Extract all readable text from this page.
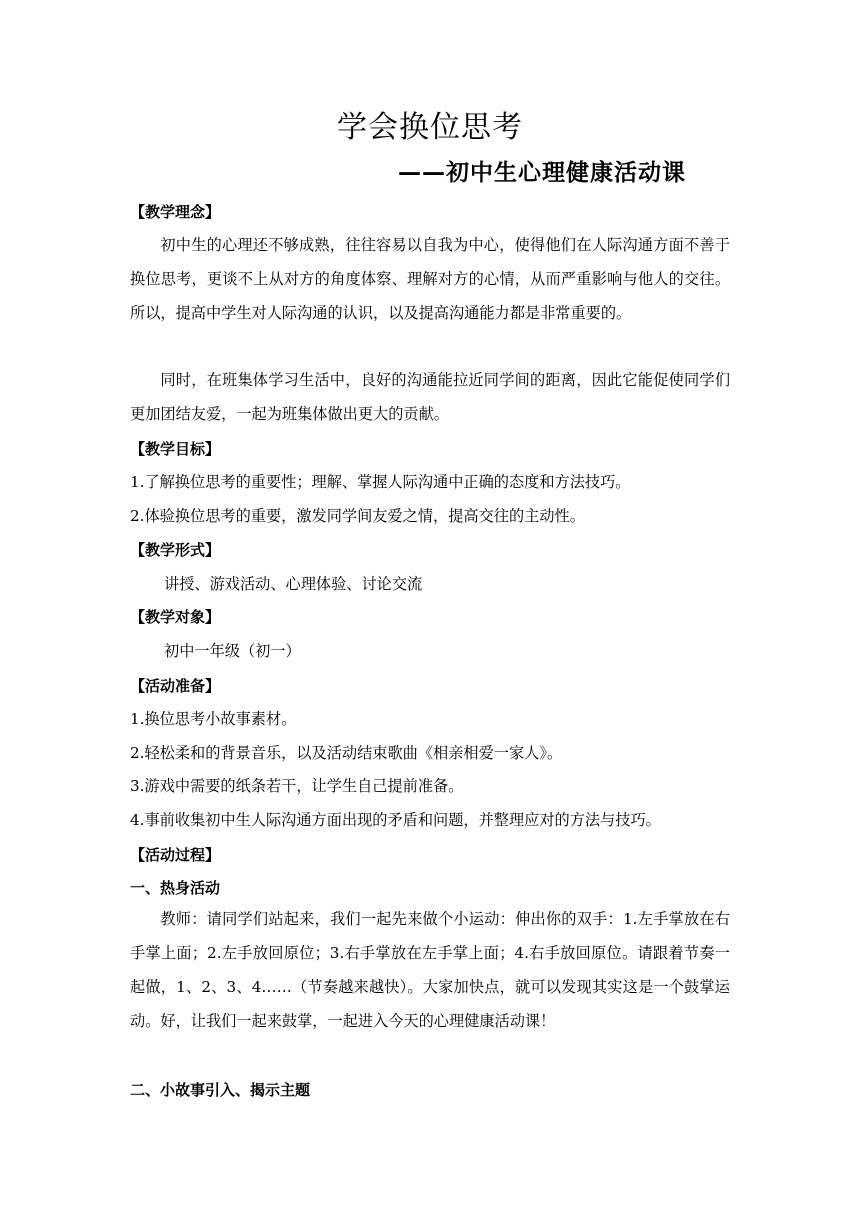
学会换位思考
——初中生心理健康活动课
【教学理念】
初中生的心理还不够成熟，往往容易以自我为中心，使得他们在人际沟通方面不善于换位思考，更谈不上从对方的角度体察、理解对方的心情，从而严重影响与他人的交往。所以，提高中学生对人际沟通的认识，以及提高沟通能力都是非常重要的。
同时，在班集体学习生活中，良好的沟通能拉近同学间的距离，因此它能促使同学们更加团结友爱，一起为班集体做出更大的贡献。
【教学目标】
1.了解换位思考的重要性；理解、掌握人际沟通中正确的态度和方法技巧。
2.体验换位思考的重要，激发同学间友爱之情，提高交往的主动性。
【教学形式】
讲授、游戏活动、心理体验、讨论交流
【教学对象】
初中一年级（初一）
【活动准备】
1.换位思考小故事素材。
2.轻松柔和的背景音乐，以及活动结束歌曲《相亲相爱一家人》。
3.游戏中需要的纸条若干，让学生自己提前准备。
4.事前收集初中生人际沟通方面出现的矛盾和问题，并整理应对的方法与技巧。
【活动过程】
一、热身活动
教师：请同学们站起来，我们一起先来做个小运动：伸出你的双手：1.左手掌放在右手掌上面；2.左手放回原位；3.右手掌放在左手掌上面；4.右手放回原位。请跟着节奏一起做，1、2、3、4……（节奏越来越快）。大家加快点，就可以发现其实这是一个鼓掌运动。好，让我们一起来鼓掌，一起进入今天的心理健康活动课！
二、小故事引入、揭示主题
